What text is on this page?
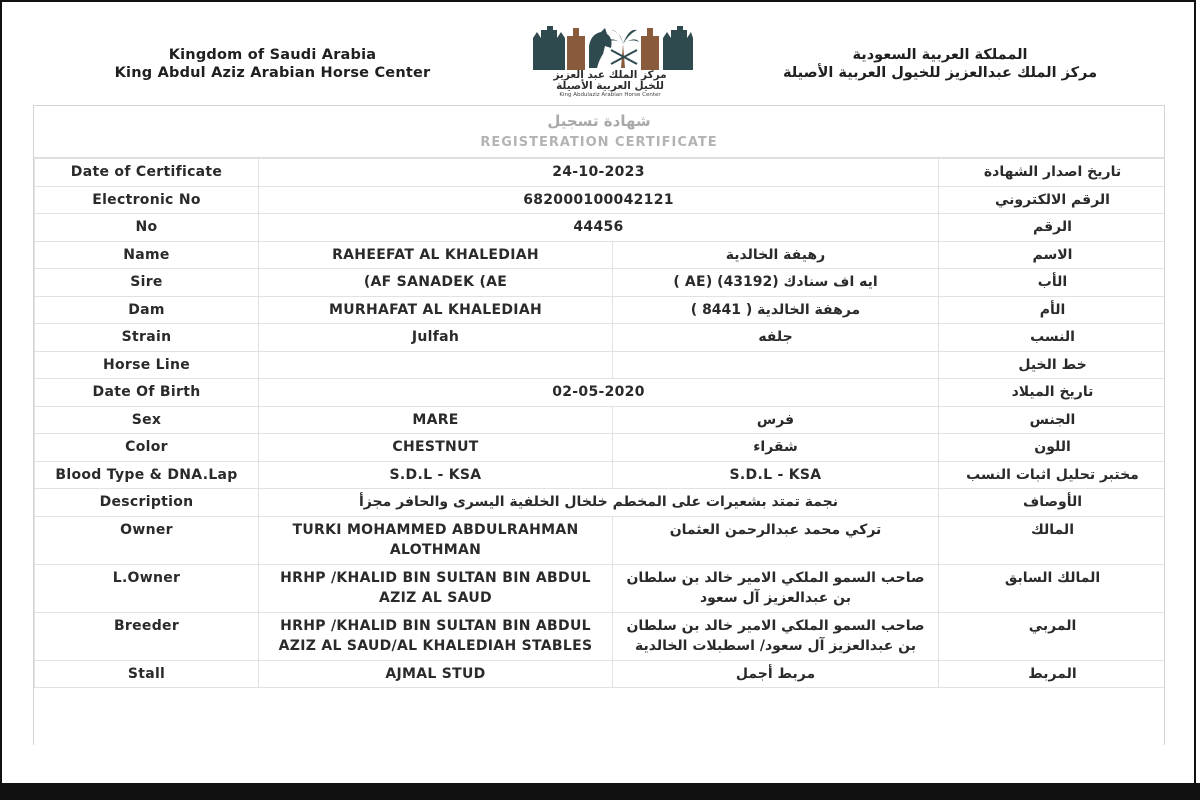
Kingdom of Saudi Arabia
King Abdul Aziz Arabian Horse Center	مركز الملك عبد العزيز
للخيل العربية الأصيلة
King Abdulaziz Arabian Horse Center
المملكة العربية السعودية
مركز الملك عبدالعزيز للخيول العربية الأصيلة
شهادة تسجيل
REGISTERATION CERTIFICATE
Date of Certificate	24-10-2023		تاريخ اصدار الشهادة
Electronic No	682000100042121		الرقم الالكتروني
No	44456		الرقم
Name	RAHEEFAT AL KHALEDIAH	رهيفة الخالدية	الاسم
Sire	(AF SANADEK (AE	ايه اف سنادك (43192) (AE )	الأب
Dam	MURHAFAT AL KHALEDIAH	مرهفة الخالدية ( 8441 )	الأم
Strain	Julfah	جلفه	النسب
Horse Line			خط الخيل
Date Of Birth	02-05-2020		تاريخ الميلاد
Sex	MARE	فرس	الجنس
Color	CHESTNUT	شقراء	اللون
Blood Type & DNA.Lap	S.D.L - KSA	S.D.L - KSA	مختبر تحليل اثبات النسب
Description	نجمة تمتد بشعيرات على المخطم خلخال الخلفية اليسرى والحافر مجزأ		الأوصاف
Owner	TURKI MOHAMMED ABDULRAHMAN ALOTHMAN	تركي محمد عبدالرحمن العثمان	المالك
L.Owner	HRHP /KHALID BIN SULTAN BIN ABDUL AZIZ AL SAUD	صاحب السمو الملكي الامير خالد بن سلطان بن عبدالعزيز آل سعود	المالك السابق
Breeder	HRHP /KHALID BIN SULTAN BIN ABDUL AZIZ AL SAUD/AL KHALEDIAH STABLES	صاحب السمو الملكي الامير خالد بن سلطان بن عبدالعزيز آل سعود/ اسطبلات الخالدية	المربي
Stall	AJMAL STUD	مربط أجمل	المربط
